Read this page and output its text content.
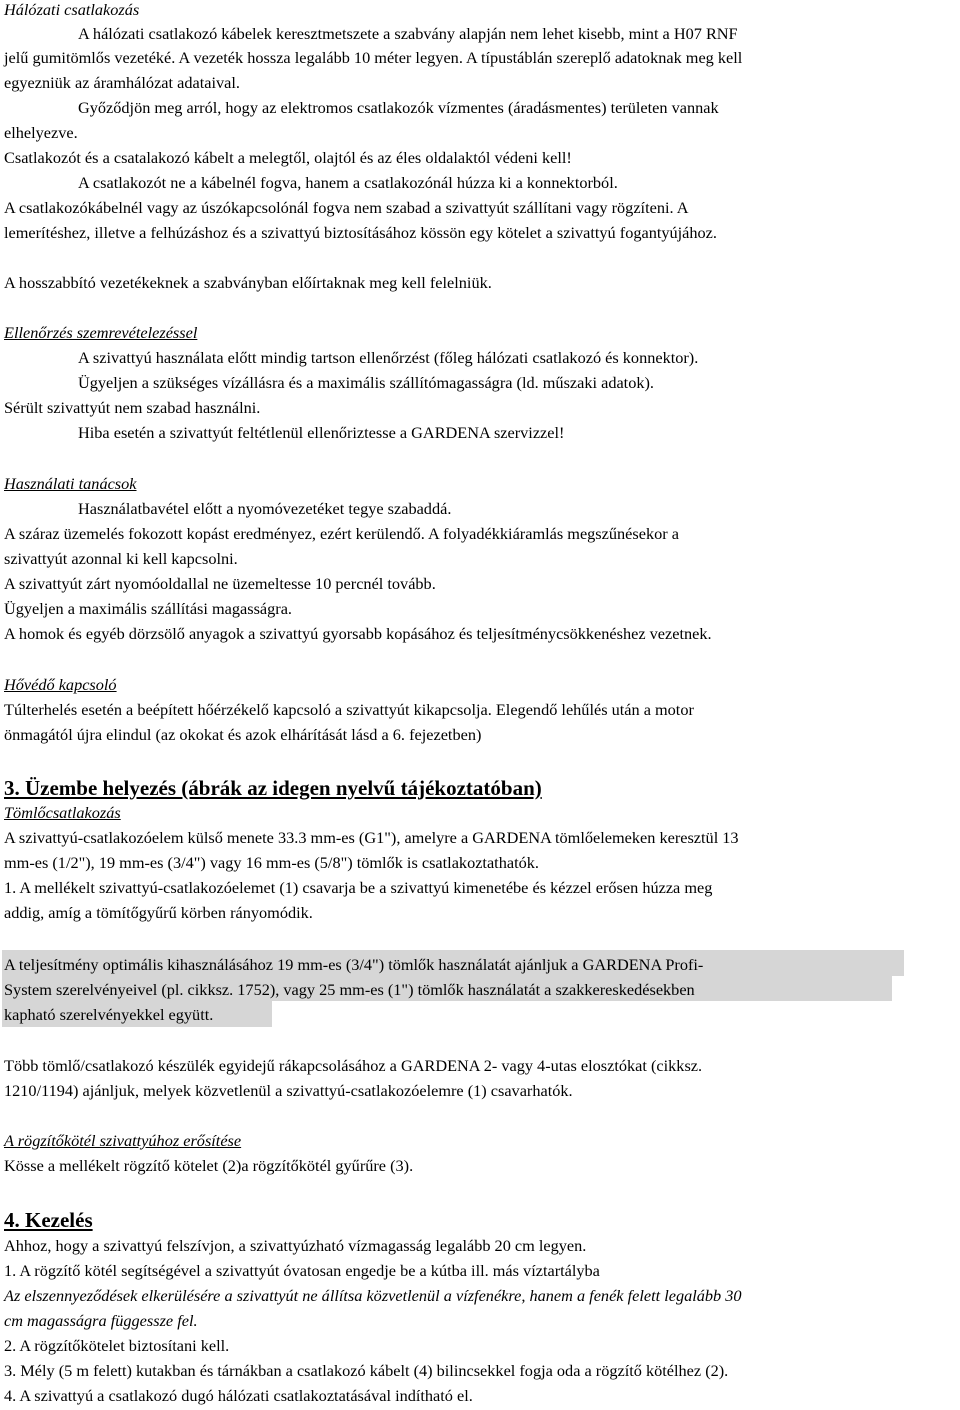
Hálózati csatlakozás

A hálózati csatlakozó kábelek keresztmetszete a szabvány alapján nem lehet kisebb, mint a H07 RNF

jelű gumitömlős vezetéké. A vezeték hossza legalább 10 méter legyen. A típustáblán szereplő adatoknak meg kell

egyezniük az áramhálózat adataival.

Győződjön meg arról, hogy az elektromos csatlakozók vízmentes (áradásmentes) területen vannak

elhelyezve.

Csatlakozót és a csatalakozó kábelt a melegtől, olajtól és az éles oldalaktól védeni kell!

A csatlakozót ne a kábelnél fogva, hanem a csatlakozónál húzza ki a konnektorból.

A csatlakozókábelnél vagy az úszókapcsolónál fogva nem szabad a szivattyút szállítani vagy rögzíteni. A

lemerítéshez, illetve a felhúzáshoz és a szivattyú biztosításához kössön egy kötelet a szivattyú fogantyújához.

A hosszabbító vezetékeknek a szabványban előírtaknak meg kell felelniük.

Ellenőrzés szemrevételezéssel

A szivattyú használata előtt mindig tartson ellenőrzést (főleg hálózati csatlakozó és konnektor).

Ügyeljen a szükséges vízállásra és a maximális szállítómagasságra (ld. műszaki adatok).

Sérült szivattyút nem szabad használni.

Hiba esetén a szivattyút feltétlenül ellenőriztesse a GARDENA szervizzel!

Használati tanácsok

Használatbavétel előtt a nyomóvezetéket tegye szabaddá.

A száraz üzemelés fokozott kopást eredményez, ezért kerülendő. A folyadékkiáramlás megszűnésekor a

szivattyút azonnal ki kell kapcsolni.

A szivattyút zárt nyomóoldallal ne üzemeltesse 10 percnél tovább.

Ügyeljen a maximális szállítási magasságra.

A homok és egyéb dörzsölő anyagok a szivattyú gyorsabb kopásához és teljesítménycsökkenéshez vezetnek.

Hővédő kapcsoló

Túlterhelés esetén a beépített hőérzékelő kapcsoló a szivattyút kikapcsolja. Elegendő lehűlés után a motor

önmagától újra elindul (az okokat és azok elhárítását lásd a 6. fejezetben)

3. Üzembe helyezés (ábrák az idegen nyelvű tájékoztatóban)

Tömlőcsatlakozás

A szivattyú-csatlakozóelem külső menete 33.3 mm-es (G1"), amelyre a GARDENA tömlőelemeken keresztül 13

mm-es (1/2"), 19 mm-es (3/4") vagy 16 mm-es (5/8") tömlők is csatlakoztathatók.

1. A mellékelt szivattyú-csatlakozóelemet (1) csavarja be a szivattyú kimenetébe és kézzel erősen húzza meg

addig, amíg a tömítőgyűrű körben rányomódik.

A teljesítmény optimális kihasználásához 19 mm-es (3/4") tömlők használatát ajánljuk a GARDENA Profi-

System szerelvényeivel (pl. cikksz. 1752), vagy 25 mm-es (1") tömlők használatát a szakkereskedésekben

kapható szerelvényekkel együtt.

Több tömlő/csatlakozó készülék egyidejű rákapcsolásához a GARDENA 2- vagy 4-utas elosztókat (cikksz.

1210/1194) ajánljuk, melyek közvetlenül a szivattyú-csatlakozóelemre (1) csavarhatók.

A rögzítőkötél szivattyúhoz erősítése

Kösse a mellékelt rögzítő kötelet (2)a rögzítőkötél gyűrűre (3).

4. Kezelés

Ahhoz, hogy a szivattyú felszívjon, a szivattyúzható vízmagasság legalább 20 cm legyen.

1. A rögzítő kötél segítségével a szivattyút óvatosan engedje be a kútba ill. más víztartályba

Az elszennyeződések elkerülésére a szivattyút ne állítsa közvetlenül a vízfenékre, hanem a fenék felett legalább 30

cm magasságra függessze fel.

2. A rögzítőkötelet biztosítani kell.

3. Mély (5 m felett) kutakban és tárnákban a csatlakozó kábelt (4) bilincsekkel fogja oda a rögzítő kötélhez (2).

4. A szivattyú a csatlakozó dugó hálózati csatlakoztatásával indítható el.
